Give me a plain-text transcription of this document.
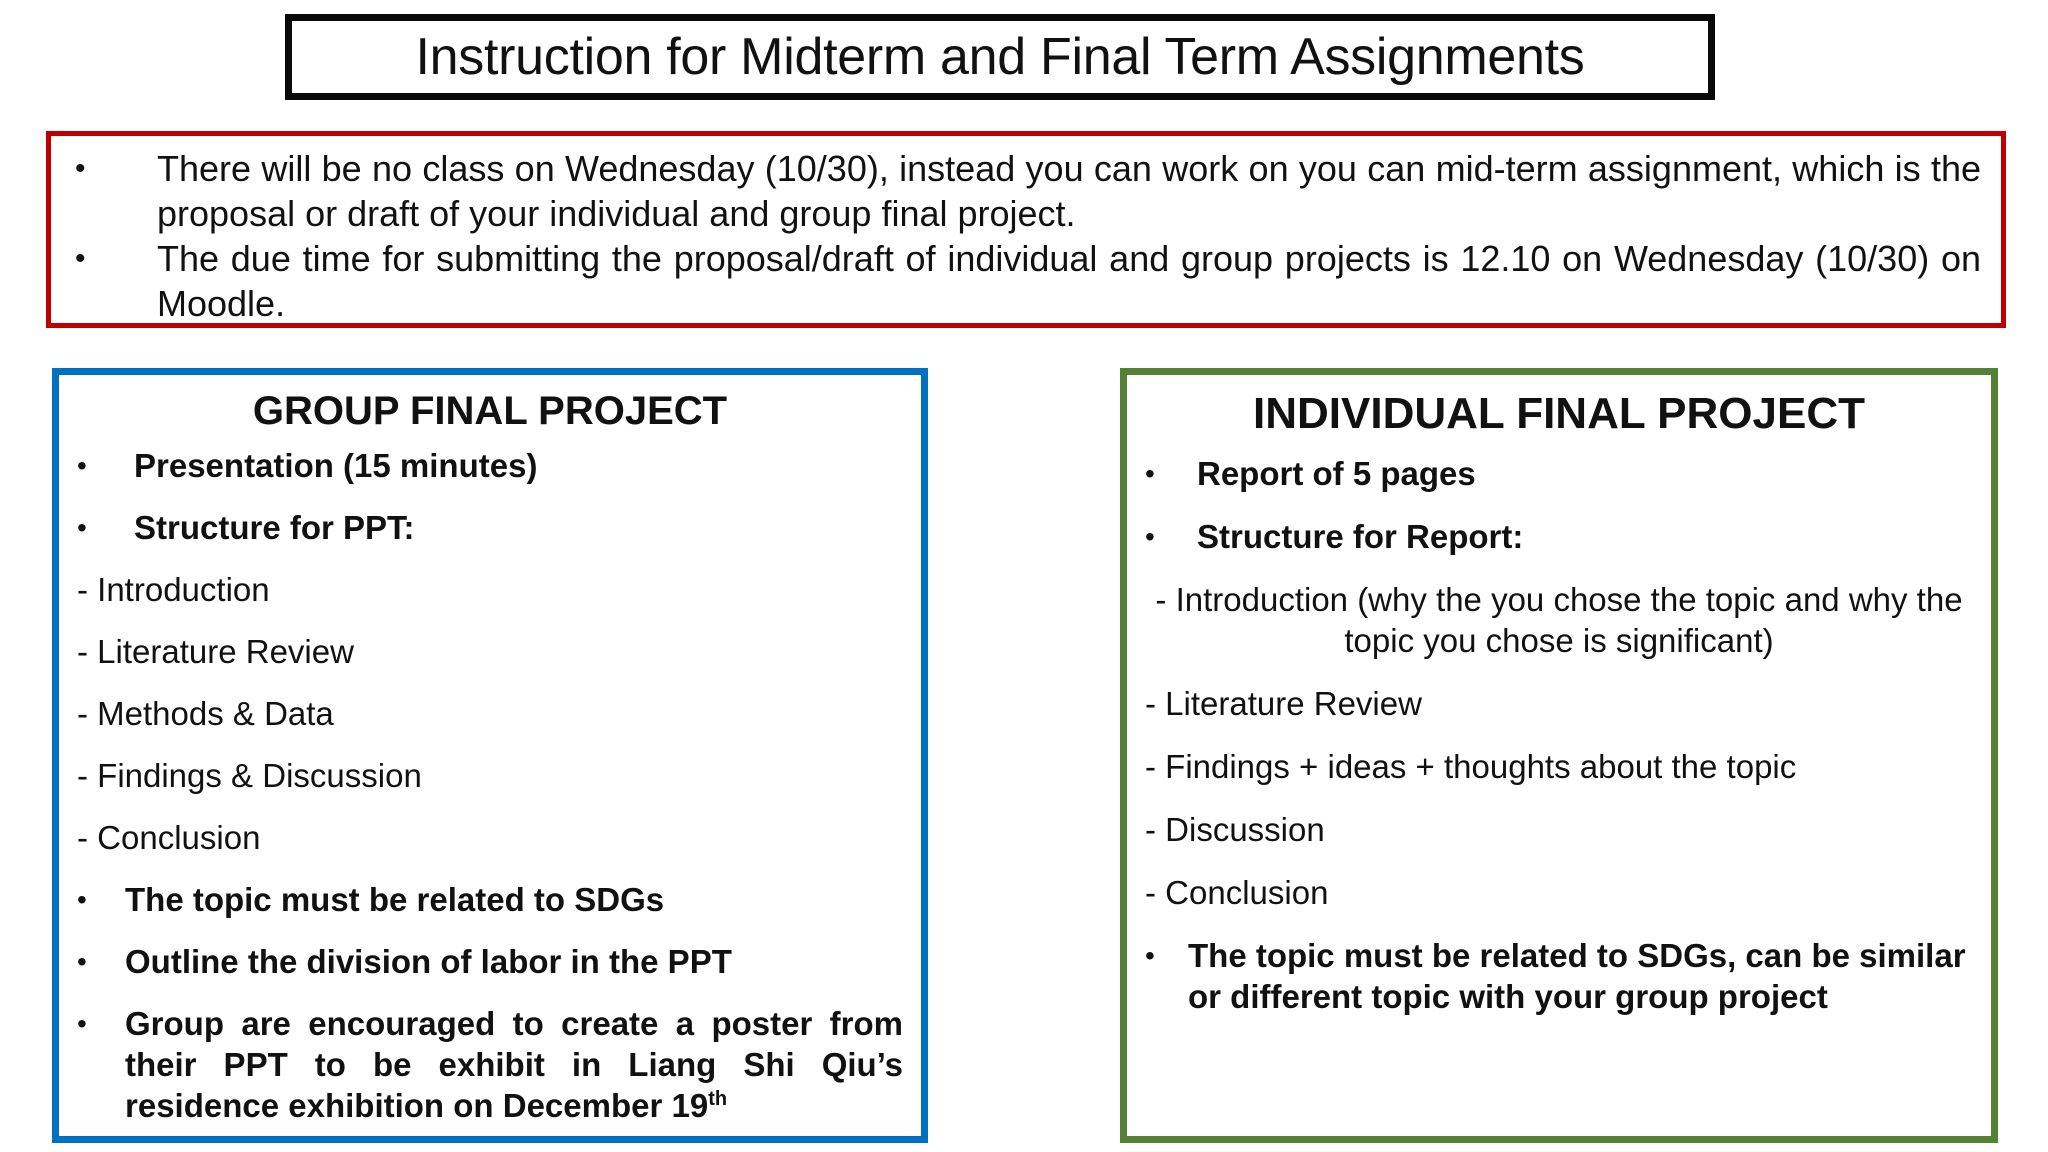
Instruction for Midterm and Final Term Assignments
• There will be no class on Wednesday (10/30), instead you can work on you can mid-term assignment, which is the proposal or draft of your individual and group final project.
• The due time for submitting the proposal/draft of individual and group projects is 12.10 on Wednesday (10/30) on Moodle.
GROUP FINAL PROJECT
•	Presentation (15 minutes)
•	Structure for PPT:
- Introduction
- Literature Review
- Methods & Data
- Findings & Discussion
- Conclusion
•	The topic must be related to SDGs
•	Outline the division of labor in the PPT
•	Group are encouraged to create a poster from their PPT to be exhibit in Liang Shi Qiu’s residence exhibition on December 19th
INDIVIDUAL FINAL PROJECT
•	Report of 5 pages
•	Structure for Report:
- Introduction (why the you chose the topic and why the topic you chose is significant)
- Literature Review
- Findings + ideas + thoughts about the topic
- Discussion
- Conclusion
•	The topic must be related to SDGs, can be similar or different topic with your group project
